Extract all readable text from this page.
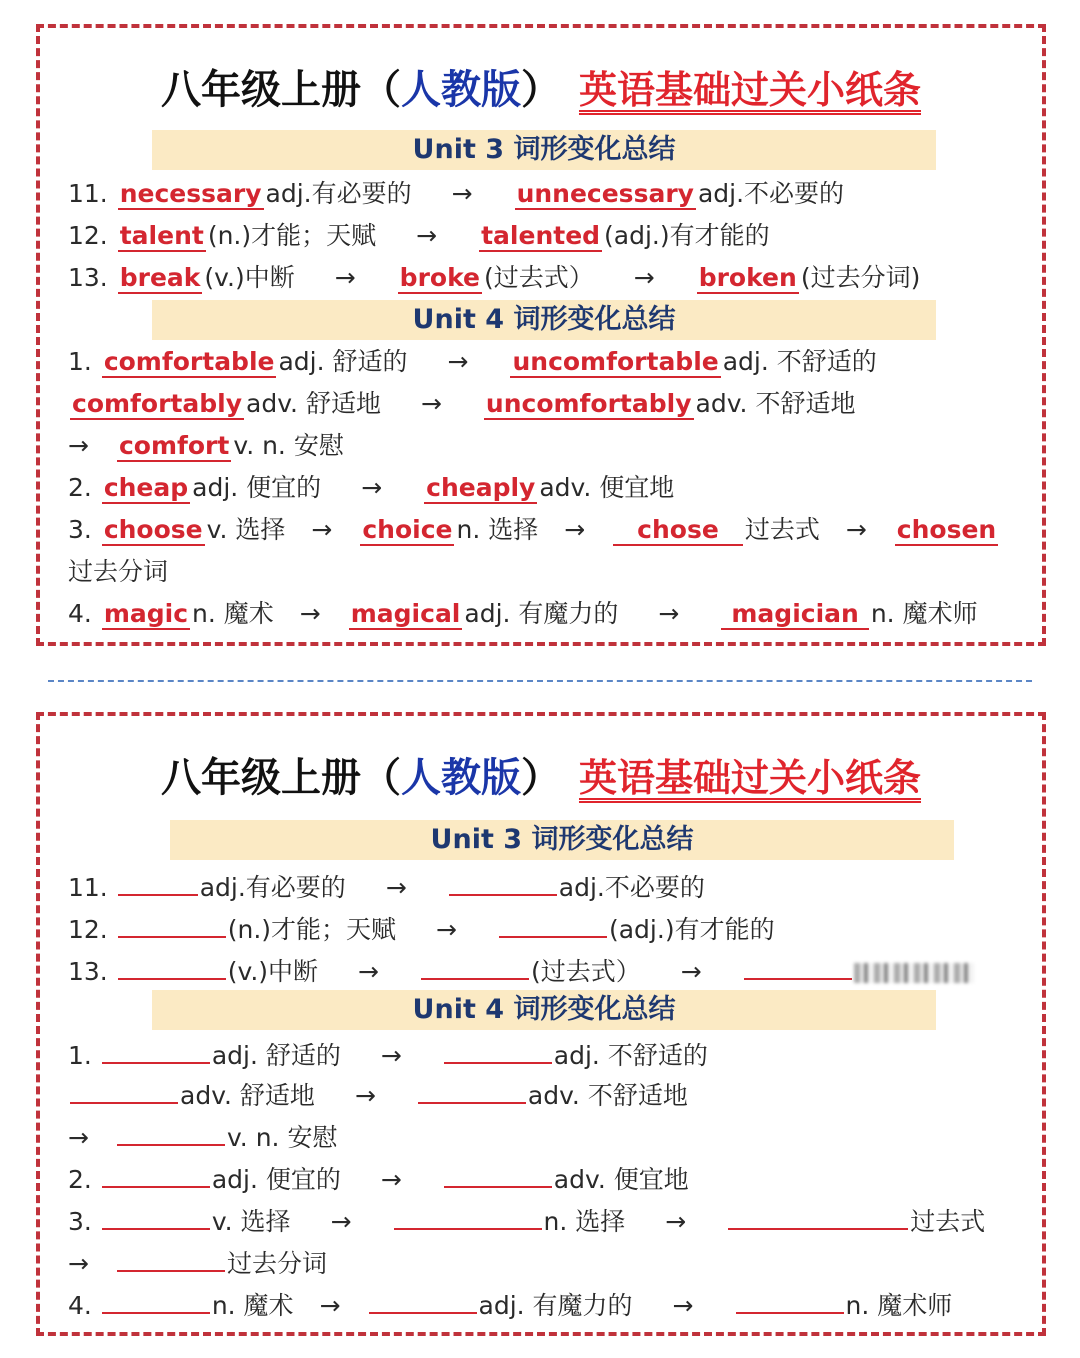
八年级上册（人教版） 英语基础过关小纸条
Unit 3 词形变化总结
11. necessary adj.有必要的 → unnecessary adj.不必要的
12. talent (n.)才能；天赋 → talented (adj.)有才能的
13. break (v.)中断 → broke (过去式） → broken (过去分词)
Unit 4 词形变化总结
1. comfortable adj. 舒适的 → uncomfortable adj. 不舒适的
comfortably adv. 舒适地 → uncomfortably adv. 不舒适地
→ comfort v. n. 安慰
2. cheap adj. 便宜的 → cheaply adv. 便宜地
3. choose v. 选择 → choice n. 选择 → chose 过去式 → chosen
过去分词
4. magic n. 魔术 → magical adj. 有魔力的 → magician n. 魔术师
八年级上册（人教版） 英语基础过关小纸条
Unit 3 词形变化总结
11.	adj.有必要的 →	adj.不必要的
12.	(n.)才能；天赋 →	(adj.)有才能的
13.	(v.)中断 →	(过去式） →
Unit 4 词形变化总结
1.	adj. 舒适的 →	adj. 不舒适的
adv. 舒适地 →	adv. 不舒适地
→	v. n. 安慰
2.	adj. 便宜的 →	adv. 便宜地
3.	v. 选择 →	n. 选择 →	过去式
→	过去分词
4.	n. 魔术 →	adj. 有魔力的 →	n. 魔术师
